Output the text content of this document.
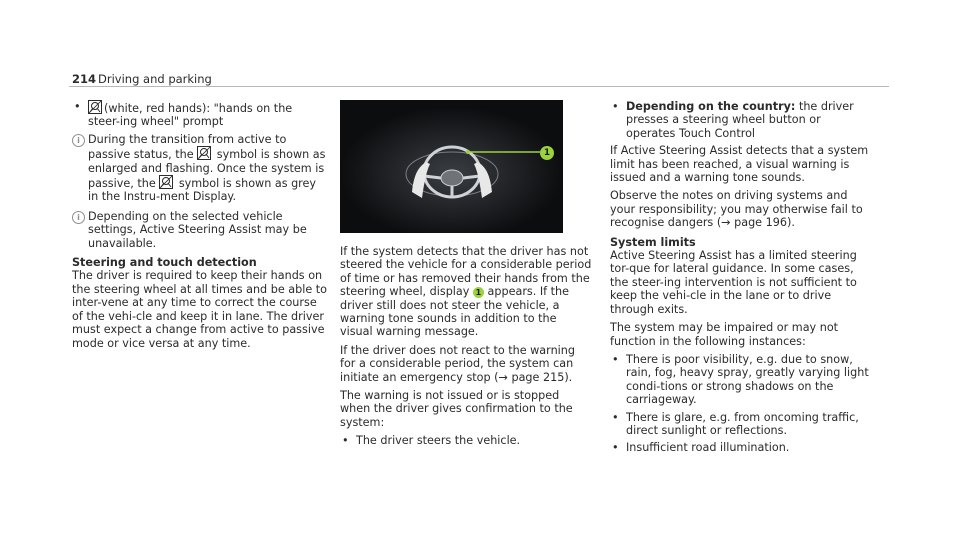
214 Driving and parking
• (white, red hands): "hands on the steer-ing wheel" prompt
i During the transition from active to passive status, the symbol is shown as enlarged and flashing. Once the system is passive, the symbol is shown as grey in the Instru-ment Display.
i Depending on the selected vehicle settings, Active Steering Assist may be unavailable.

Steering and touch detection

The driver is required to keep their hands on the steering wheel at all times and be able to inter-vene at any time to correct the course of the vehi-cle and keep it in lane. The driver must expect a change from active to passive mode or vice versa at any time.

1

If the system detects that the driver has not steered the vehicle for a considerable period of time or has removed their hands from the steering wheel, display 1 appears. If the driver still does not steer the vehicle, a warning tone sounds in addition to the visual warning message.

If the driver does not react to the warning for a considerable period, the system can initiate an emergency stop (→ page 215).

The warning is not issued or is stopped when the driver gives confirmation to the system:

• The driver steers the vehicle.
• Depending on the country: the driver presses a steering wheel button or operates Touch Control

If Active Steering Assist detects that a system limit has been reached, a visual warning is issued and a warning tone sounds.

Observe the notes on driving systems and your responsibility; you may otherwise fail to recognise dangers (→ page 196).

System limits

Active Steering Assist has a limited steering tor-que for lateral guidance. In some cases, the steer-ing intervention is not sufficient to keep the vehi-cle in the lane or to drive through exits.

The system may be impaired or may not function in the following instances:

• There is poor visibility, e.g. due to snow, rain, fog, heavy spray, greatly varying light condi-tions or strong shadows on the carriageway.
• There is glare, e.g. from oncoming traffic, direct sunlight or reflections.
• Insufficient road illumination.
